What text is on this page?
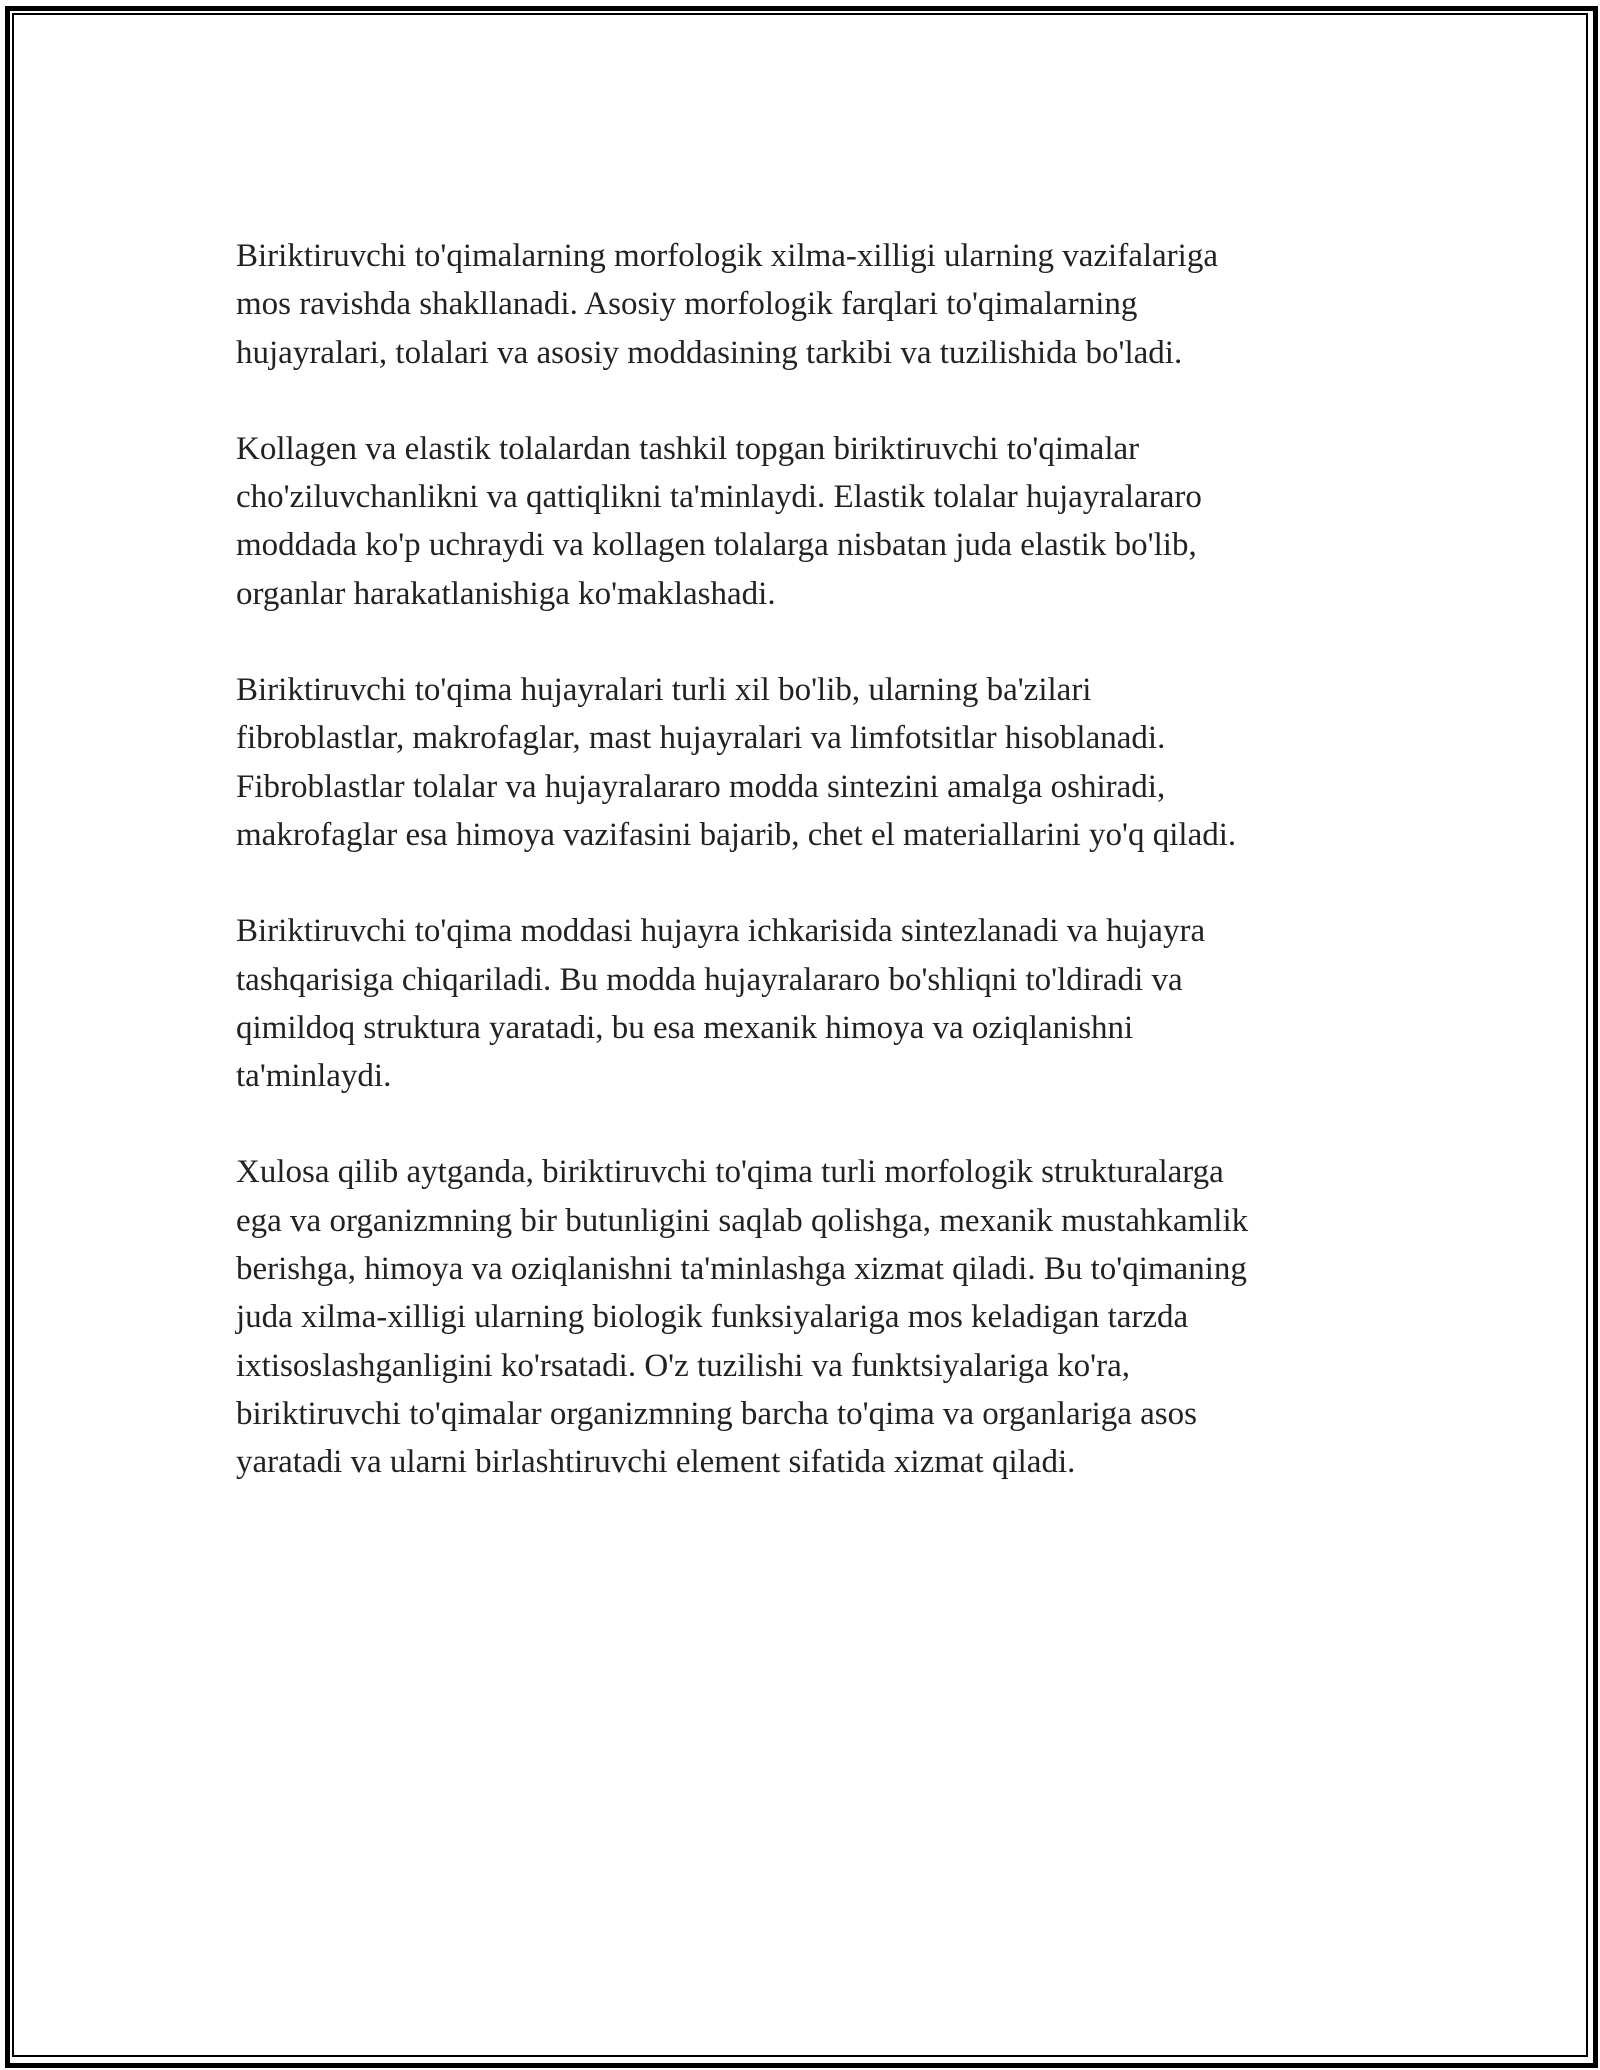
Biriktiruvchi to'qimalarning morfologik xilma-xilligi ularning vazifalariga
mos ravishda shakllanadi. Asosiy morfologik farqlari to'qimalarning
hujayralari, tolalari va asosiy moddasining tarkibi va tuzilishida bo'ladi.

Kollagen va elastik tolalardan tashkil topgan biriktiruvchi to'qimalar
cho'ziluvchanlikni va qattiqlikni ta'minlaydi. Elastik tolalar hujayralararo
moddada ko'p uchraydi va kollagen tolalarga nisbatan juda elastik bo'lib,
organlar harakatlanishiga ko'maklashadi.

Biriktiruvchi to'qima hujayralari turli xil bo'lib, ularning ba'zilari
fibroblastlar, makrofaglar, mast hujayralari va limfotsitlar hisoblanadi.
Fibroblastlar tolalar va hujayralararo modda sintezini amalga oshiradi,
makrofaglar esa himoya vazifasini bajarib, chet el materiallarini yo'q qiladi.

Biriktiruvchi to'qima moddasi hujayra ichkarisida sintezlanadi va hujayra
tashqarisiga chiqariladi. Bu modda hujayralararo bo'shliqni to'ldiradi va
qimildoq struktura yaratadi, bu esa mexanik himoya va oziqlanishni
ta'minlaydi.

Xulosa qilib aytganda, biriktiruvchi to'qima turli morfologik strukturalarga
ega va organizmning bir butunligini saqlab qolishga, mexanik mustahkamlik
berishga, himoya va oziqlanishni ta'minlashga xizmat qiladi. Bu to'qimaning
juda xilma-xilligi ularning biologik funksiyalariga mos keladigan tarzda
ixtisoslashganligini ko'rsatadi. O'z tuzilishi va funktsiyalariga ko'ra,
biriktiruvchi to'qimalar organizmning barcha to'qima va organlariga asos
yaratadi va ularni birlashtiruvchi element sifatida xizmat qiladi.
